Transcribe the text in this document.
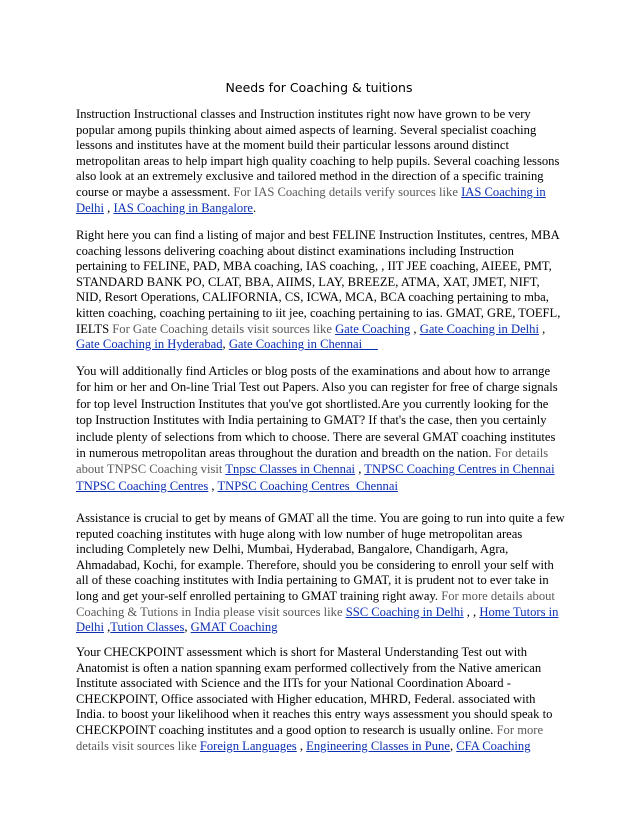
Needs for Coaching & tuitions

Instruction Instructional classes and Instruction institutes right now have grown to be very popular among pupils thinking about aimed aspects of learning. Several specialist coaching lessons and institutes have at the moment build their particular lessons around distinct metropolitan areas to help impart high quality coaching to help pupils. Several coaching lessons also look at an extremely exclusive and tailored method in the direction of a specific training course or maybe a assessment. For IAS Coaching details verify sources like IAS Coaching in Delhi , IAS Coaching in Bangalore.

Right here you can find a listing of major and best FELINE Instruction Institutes, centres, MBA coaching lessons delivering coaching about distinct examinations including Instruction pertaining to FELINE, PAD, MBA coaching, IAS coaching, , IIT JEE coaching, AIEEE, PMT, STANDARD BANK PO, CLAT, BBA, AIIMS, LAY, BREEZE, ATMA, XAT, JMET, NIFT, NID, Resort Operations, CALIFORNIA, CS, ICWA, MCA, BCA coaching pertaining to mba, kitten coaching, coaching pertaining to iit jee, coaching pertaining to ias. GMAT, GRE, TOEFL, IELTS For Gate Coaching details visit sources like Gate Coaching , Gate Coaching in Delhi , Gate Coaching in Hyderabad, Gate Coaching in Chennai

You will additionally find Articles or blog posts of the examinations and about how to arrange for him or her and On-line Trial Test out Papers. Also you can register for free of charge signals for top level Instruction Institutes that you've got shortlisted.Are you currently looking for the top Instruction Institutes with India pertaining to GMAT? If that's the case, then you certainly include plenty of selections from which to choose. There are several GMAT coaching institutes in numerous metropolitan areas throughout the duration and breadth on the nation. For details about TNPSC Coaching visit Tnpsc Classes in Chennai , TNPSC Coaching Centres in Chennai TNPSC Coaching Centres , TNPSC Coaching Centres  Chennai

Assistance is crucial to get by means of GMAT all the time. You are going to run into quite a few reputed coaching institutes with huge along with low number of huge metropolitan areas including Completely new Delhi, Mumbai, Hyderabad, Bangalore, Chandigarh, Agra, Ahmadabad, Kochi, for example. Therefore, should you be considering to enroll your self with all of these coaching institutes with India pertaining to GMAT, it is prudent not to ever take in long and get your-self enrolled pertaining to GMAT training right away. For more details about Coaching & Tutions in India please visit sources like SSC Coaching in Delhi , , Home Tutors in Delhi ,Tution Classes, GMAT Coaching

Your CHECKPOINT assessment which is short for Masteral Understanding Test out with Anatomist is often a nation spanning exam performed collectively from the Native american Institute associated with Science and the IITs for your National Coordination Aboard - CHECKPOINT, Office associated with Higher education, MHRD, Federal. associated with India. to boost your likelihood when it reaches this entry ways assessment you should speak to CHECKPOINT coaching institutes and a good option to research is usually online. For more details visit sources like Foreign Languages , Engineering Classes in Pune, CFA Coaching
